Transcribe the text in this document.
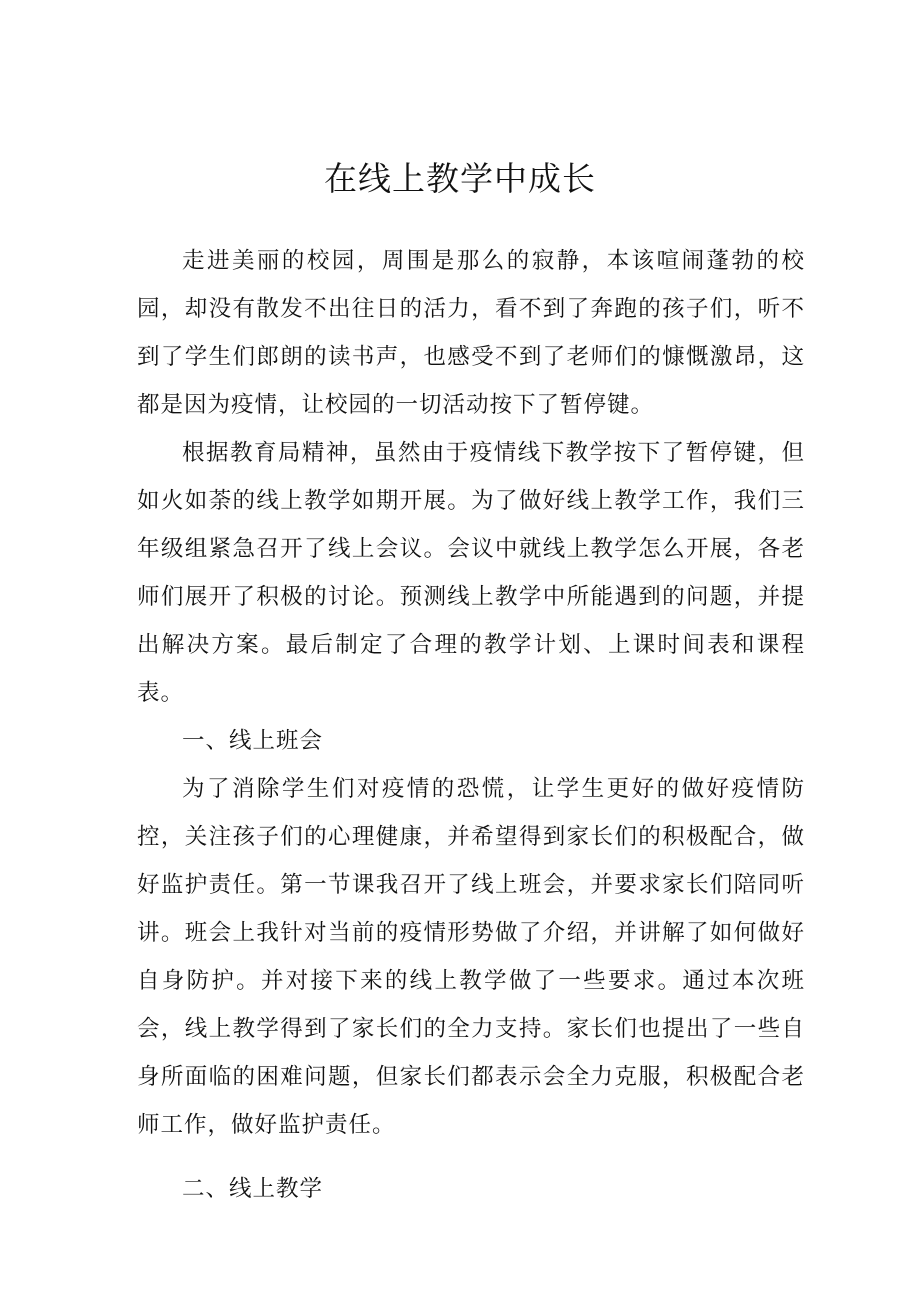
在线上教学中成长

走进美丽的校园，周围是那么的寂静，本该喧闹蓬勃的校园，却没有散发不出往日的活力，看不到了奔跑的孩子们，听不到了学生们郎朗的读书声，也感受不到了老师们的慷慨激昂，这都是因为疫情，让校园的一切活动按下了暂停键。

根据教育局精神，虽然由于疫情线下教学按下了暂停键，但如火如荼的线上教学如期开展。为了做好线上教学工作，我们三年级组紧急召开了线上会议。会议中就线上教学怎么开展，各老师们展开了积极的讨论。预测线上教学中所能遇到的问题，并提出解决方案。最后制定了合理的教学计划、上课时间表和课程表。

一、线上班会

为了消除学生们对疫情的恐慌，让学生更好的做好疫情防控，关注孩子们的心理健康，并希望得到家长们的积极配合，做好监护责任。第一节课我召开了线上班会，并要求家长们陪同听讲。班会上我针对当前的疫情形势做了介绍，并讲解了如何做好自身防护。并对接下来的线上教学做了一些要求。通过本次班会，线上教学得到了家长们的全力支持。家长们也提出了一些自身所面临的困难问题，但家长们都表示会全力克服，积极配合老师工作，做好监护责任。

二、线上教学
